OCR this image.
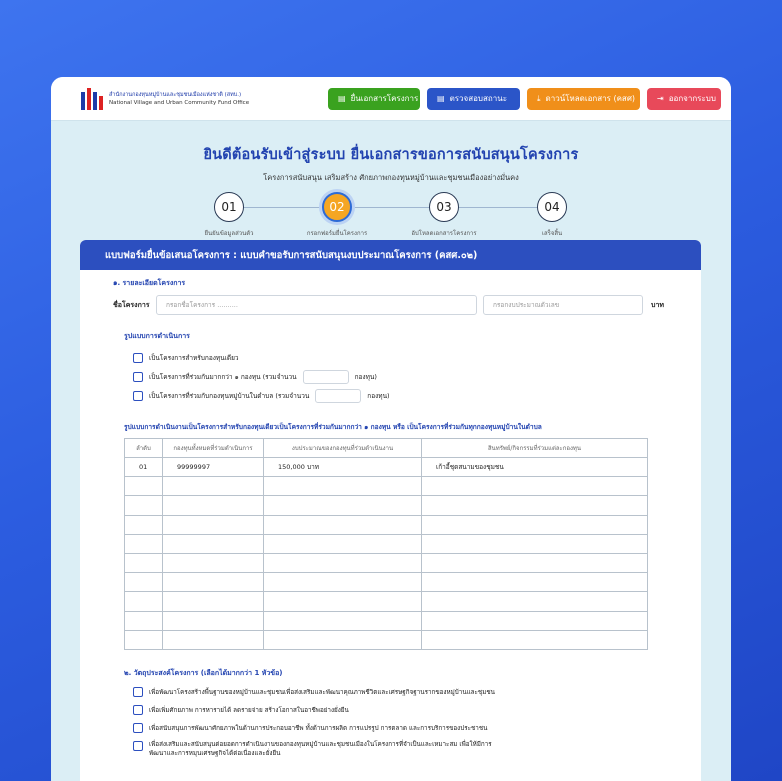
สำนักงานกองทุนหมู่บ้านและชุมชนเมืองแห่งชาติ (สทบ.)
National Village and Urban Community Fund Office	▤ ยื่นเอกสารโครงการ ▤ ตรวจสอบสถานะ	⤓ ดาวน์โหลดเอกสาร (คสศ)	⇥ ออกจากระบบ
ยินดีต้อนรับเข้าสู่ระบบ ยื่นเอกสารขอการสนับสนุนโครงการ
โครงการสนับสนุน เสริมสร้าง ศักยภาพกองทุนหมู่บ้านและชุมชนเมืองอย่างมั่นคง
01
ยืนยันข้อมูลส่วนตัว
02
กรอกฟอร์มยื่นโครงการ
03
อัปโหลดเอกสารโครงการ
04
เสร็จสิ้น
แบบฟอร์มยื่นข้อเสนอโครงการ : แบบคำขอรับการสนับสนุนงบประมาณโครงการ (คสศ.๐๒)
๑. รายละเอียดโครงการ
ชื่อโครงการ	กรอกชื่อโครงการ ..........	กรอกงบประมาณตัวเลข	บาท
รูปแบบการดำเนินการ
เป็นโครงการสำหรับกองทุนเดียว
เป็นโครงการที่ร่วมกันมากกว่า ๑ กองทุน (รวมจำนวน	กองทุน)
เป็นโครงการที่ร่วมกับกองทุนหมู่บ้านในตำบล (รวมจำนวน	กองทุน)
รูปแบบการดำเนินงานเป็นโครงการสำหรับกองทุนเดียวเป็นโครงการที่ร่วมกันมากกว่า ๑ กองทุน หรือ เป็นโครงการที่ร่วมกันทุกกองทุนหมู่บ้านในตำบล
ลำดับ	กองทุนทั้งหมดที่ร่วมดำเนินการ	งบประมาณของกองทุนที่ร่วมดำเนินงาน	สินทรัพย์/กิจกรรมที่ร่วมแต่ละกองทุน
01	99999997	150,000 บาท	เก้าอี้ชุดสนามของชุมชน

๒. วัตถุประสงค์โครงการ (เลือกได้มากกว่า 1 หัวข้อ)
เพื่อพัฒนาโครงสร้างพื้นฐานของหมู่บ้านและชุมชนเพื่อส่งเสริมและพัฒนาคุณภาพชีวิตและเศรษฐกิจฐานรากของหมู่บ้านและชุมชน
เพื่อเพิ่มศักยภาพ การหารายได้ ลดรายจ่าย สร้างโอกาสในอาชีพอย่างยั่งยืน
เพื่อสนับสนุนการพัฒนาศักยภาพในด้านการประกอบอาชีพ ทั้งด้านการผลิต การแปรรูป การตลาด และการบริการของประชาชน
เพื่อส่งเสริมและสนับสนุนต่อยอดการดำเนินงานของกองทุนหมู่บ้านและชุมชนเมืองในโครงการที่จำเป็นและเหมาะสม เพื่อให้มีการพัฒนาและการหมุนเศรษฐกิจได้ต่อเนื่องและยั่งยืน
